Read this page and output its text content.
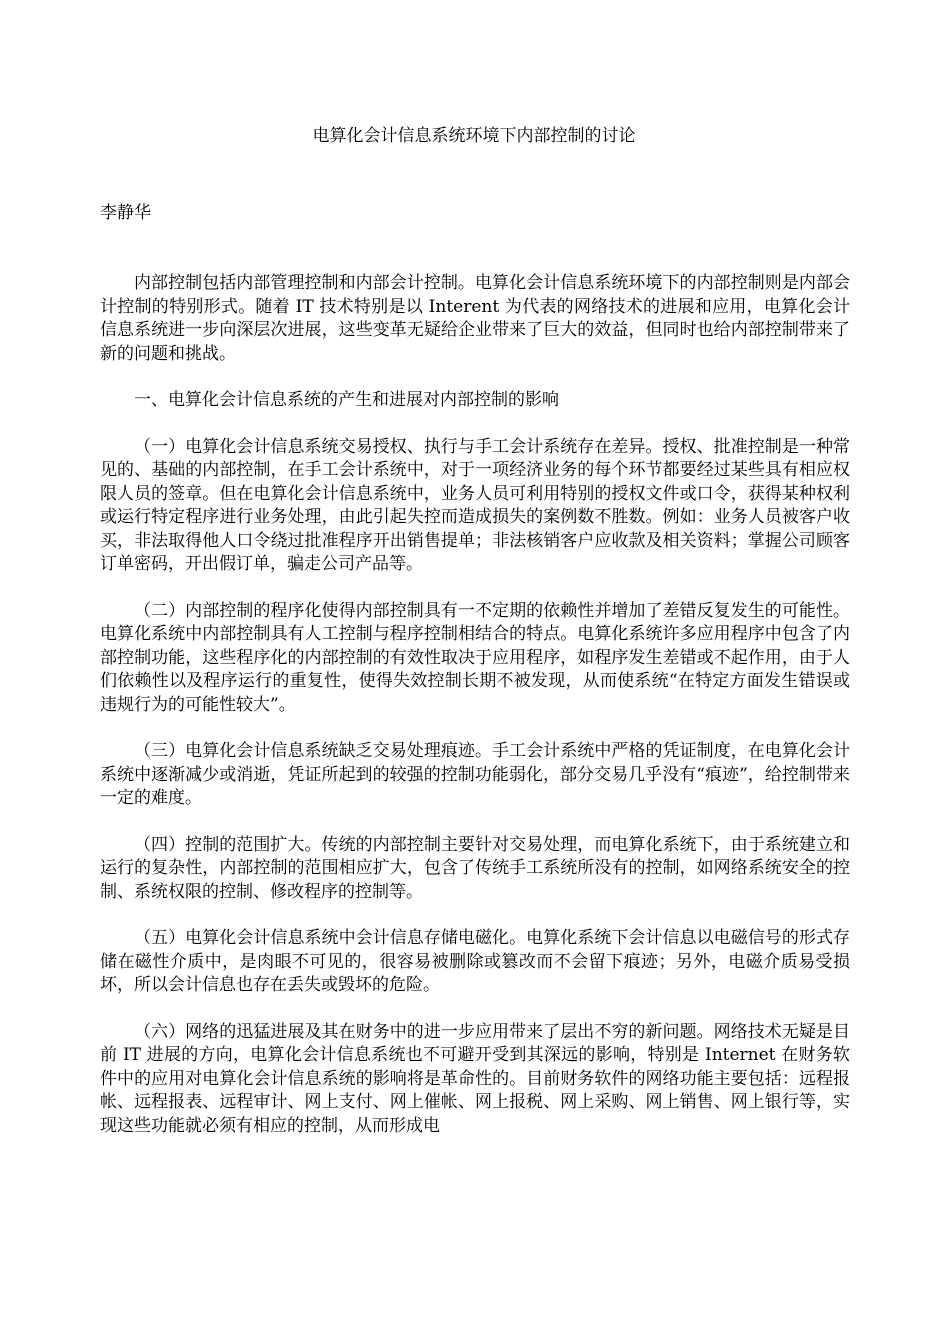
电算化会计信息系统环境下内部控制的讨论
李静华

内部控制包括内部管理控制和内部会计控制。电算化会计信息系统环境下的内部控制则是内部会计控制的特别形式。随着 IT 技术特别是以 Interent 为代表的网络技术的进展和应用，电算化会计信息系统进一步向深层次进展，这些变革无疑给企业带来了巨大的效益，但同时也给内部控制带来了新的问题和挑战。

一、电算化会计信息系统的产生和进展对内部控制的影响

（一）电算化会计信息系统交易授权、执行与手工会计系统存在差异。授权、批准控制是一种常见的、基础的内部控制，在手工会计系统中，对于一项经济业务的每个环节都要经过某些具有相应权限人员的签章。但在电算化会计信息系统中，业务人员可利用特别的授权文件或口令，获得某种权利或运行特定程序进行业务处理，由此引起失控而造成损失的案例数不胜数。例如：业务人员被客户收买，非法取得他人口令绕过批准程序开出销售提单；非法核销客户应收款及相关资料；掌握公司顾客订单密码，开出假订单，骗走公司产品等。

（二）内部控制的程序化使得内部控制具有一不定期的依赖性并增加了差错反复发生的可能性。电算化系统中内部控制具有人工控制与程序控制相结合的特点。电算化系统许多应用程序中包含了内部控制功能，这些程序化的内部控制的有效性取决于应用程序，如程序发生差错或不起作用，由于人们依赖性以及程序运行的重复性，使得失效控制长期不被发现，从而使系统“在特定方面发生错误或违规行为的可能性较大”。

（三）电算化会计信息系统缺乏交易处理痕迹。手工会计系统中严格的凭证制度，在电算化会计系统中逐渐减少或消逝，凭证所起到的较强的控制功能弱化，部分交易几乎没有“痕迹”，给控制带来一定的难度。

（四）控制的范围扩大。传统的内部控制主要针对交易处理，而电算化系统下，由于系统建立和运行的复杂性，内部控制的范围相应扩大，包含了传统手工系统所没有的控制，如网络系统安全的控制、系统权限的控制、修改程序的控制等。

（五）电算化会计信息系统中会计信息存储电磁化。电算化系统下会计信息以电磁信号的形式存储在磁性介质中，是肉眼不可见的，很容易被删除或篡改而不会留下痕迹；另外，电磁介质易受损坏，所以会计信息也存在丢失或毁坏的危险。

（六）网络的迅猛进展及其在财务中的进一步应用带来了层出不穷的新问题。网络技术无疑是目前 IT 进展的方向，电算化会计信息系统也不可避开受到其深远的影响，特别是 Internet 在财务软件中的应用对电算化会计信息系统的影响将是革命性的。目前财务软件的网络功能主要包括：远程报帐、远程报表、远程审计、网上支付、网上催帐、网上报税、网上采购、网上销售、网上银行等，实现这些功能就必须有相应的控制，从而形成电
